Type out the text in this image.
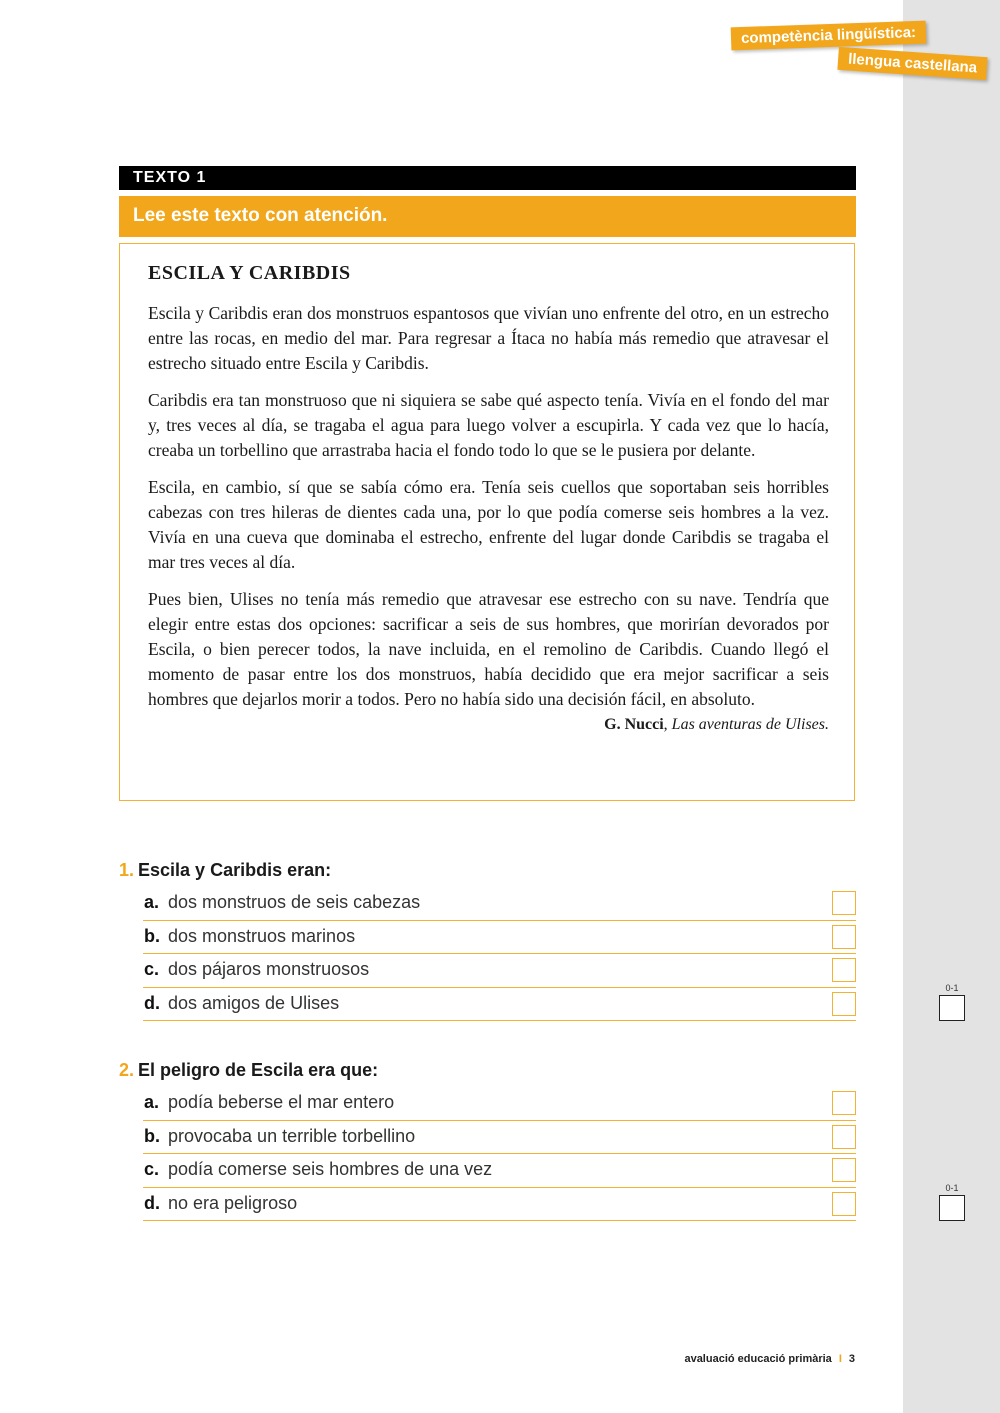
competència lingüística:
llengua castellana
TEXTO 1
Lee este texto con atención.
ESCILA Y CARIBDIS

Escila y Caribdis eran dos monstruos espantosos que vivían uno enfrente del otro, en un estrecho entre las rocas, en medio del mar. Para regresar a Ítaca no había más remedio que atravesar el estrecho situado entre Escila y Caribdis.

Caribdis era tan monstruoso que ni siquiera se sabe qué aspecto tenía. Vivía en el fondo del mar y, tres veces al día, se tragaba el agua para luego volver a escupirla. Y cada vez que lo hacía, creaba un torbellino que arrastraba hacia el fondo todo lo que se le pusiera por delante.

Escila, en cambio, sí que se sabía cómo era. Tenía seis cuellos que soportaban seis horribles cabezas con tres hileras de dientes cada una, por lo que podía comerse seis hombres a la vez. Vivía en una cueva que dominaba el estrecho, enfrente del lugar donde Caribdis se tragaba el mar tres veces al día.

Pues bien, Ulises no tenía más remedio que atravesar ese estrecho con su nave. Tendría que elegir entre estas dos opciones: sacrificar a seis de sus hombres, que morirían devorados por Escila, o bien perecer todos, la nave incluida, en el remolino de Caribdis. Cuando llegó el momento de pasar entre los dos monstruos, había decidido que era mejor sacrificar a seis hombres que dejarlos morir a todos. Pero no había sido una decisión fácil, en absoluto.

G. Nucci, Las aventuras de Ulises.
1. Escila y Caribdis eran:
a. dos monstruos de seis cabezas
b. dos monstruos marinos
c. dos pájaros monstruosos
d. dos amigos de Ulises
0-1
2. El peligro de Escila era que:
a. podía beberse el mar entero
b. provocaba un terrible torbellino
c. podía comerse seis hombres de una vez
d. no era peligroso
0-1
avaluació educació primària I 3
